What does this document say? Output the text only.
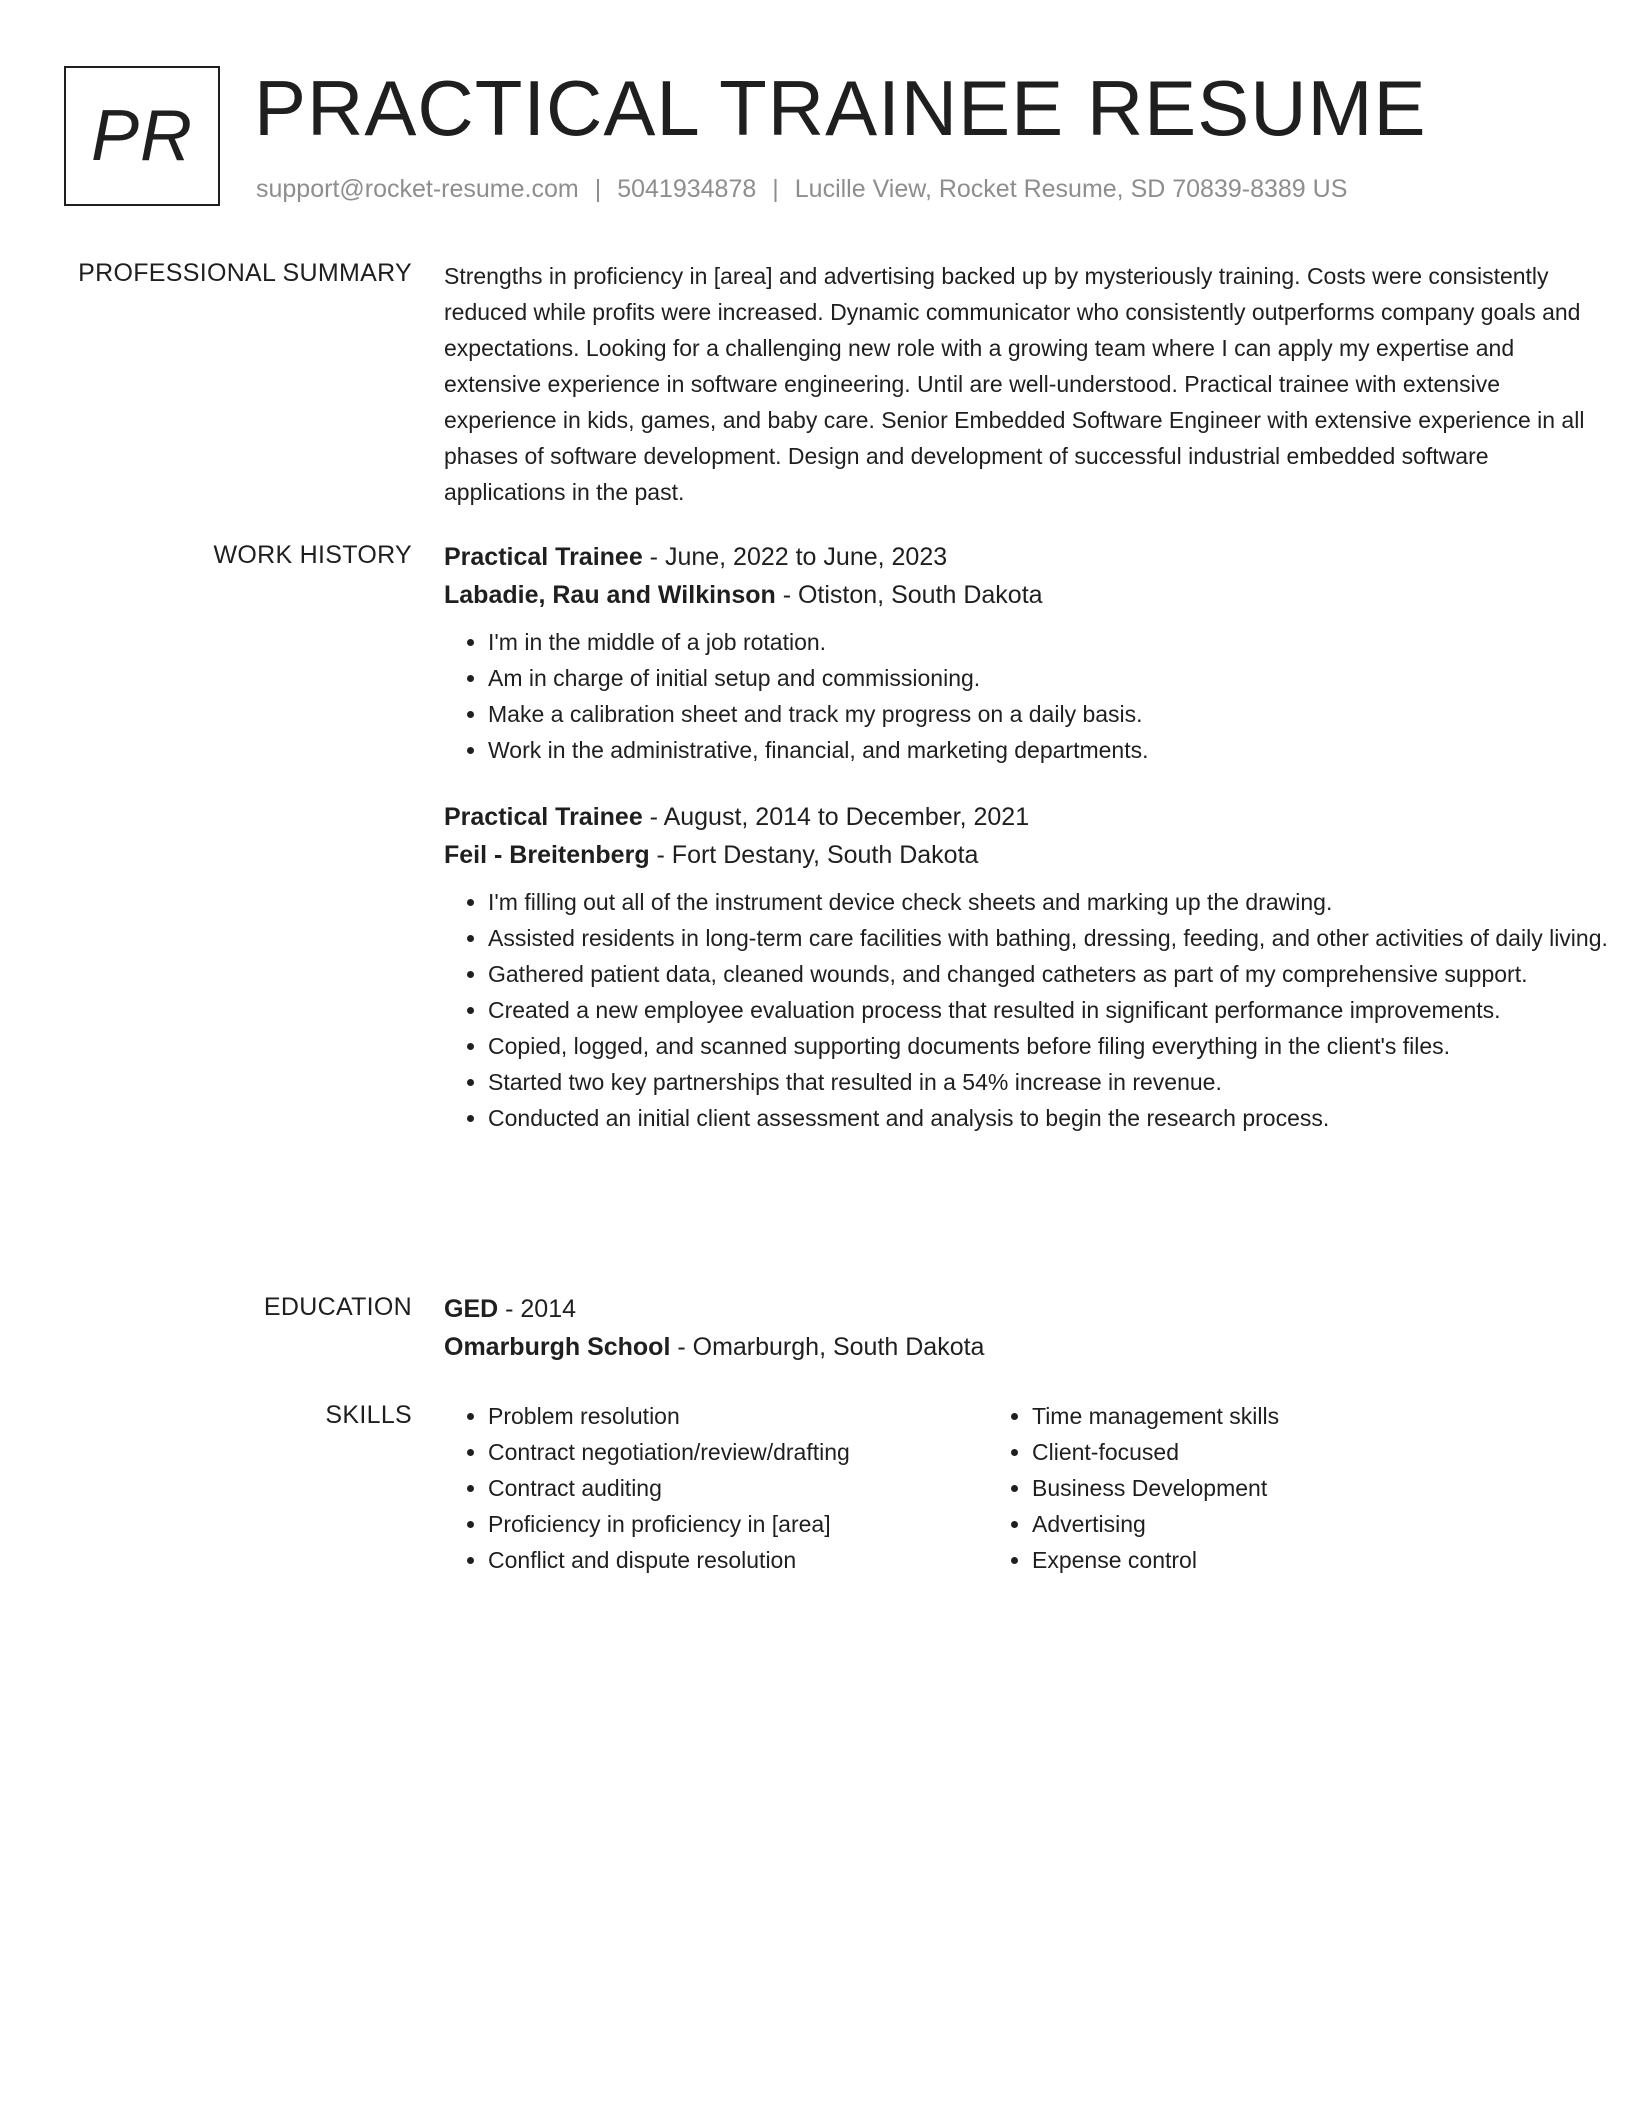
PR PRACTICAL TRAINEE RESUME
support@rocket-resume.com | 5041934878 | Lucille View, Rocket Resume, SD 70839-8389 US
PROFESSIONAL SUMMARY Strengths in proficiency in [area] and advertising backed up by mysteriously training. Costs were consistently reduced while profits were increased. Dynamic communicator who consistently outperforms company goals and expectations. Looking for a challenging new role with a growing team where I can apply my expertise and extensive experience in software engineering. Until are well-understood. Practical trainee with extensive experience in kids, games, and baby care. Senior Embedded Software Engineer with extensive experience in all phases of software development. Design and development of successful industrial embedded software applications in the past.

WORK HISTORY Practical Trainee - June, 2022 to June, 2023

Labadie, Rau and Wilkinson - Otiston, South Dakota

• I'm in the middle of a job rotation.
• Am in charge of initial setup and commissioning.
• Make a calibration sheet and track my progress on a daily basis.
• Work in the administrative, financial, and marketing departments.

Practical Trainee - August, 2014 to December, 2021

Feil - Breitenberg - Fort Destany, South Dakota

• I'm filling out all of the instrument device check sheets and marking up the drawing.
• Assisted residents in long-term care facilities with bathing, dressing, feeding, and other activities of daily living.
• Gathered patient data, cleaned wounds, and changed catheters as part of my comprehensive support.
• Created a new employee evaluation process that resulted in significant performance improvements.
• Copied, logged, and scanned supporting documents before filing everything in the client's files.
• Started two key partnerships that resulted in a 54% increase in revenue.
• Conducted an initial client assessment and analysis to begin the research process.
EDUCATION GED - 2014

Omarburgh School - Omarburgh, South Dakota

SKILLS
•	Problem resolution
• Contract negotiation/review/drafting
• Contract auditing
• Proficiency in proficiency in [area]
• Conflict and dispute resolution
• Time management skills
• Client-focused
• Business Development
• Advertising
• Expense control
